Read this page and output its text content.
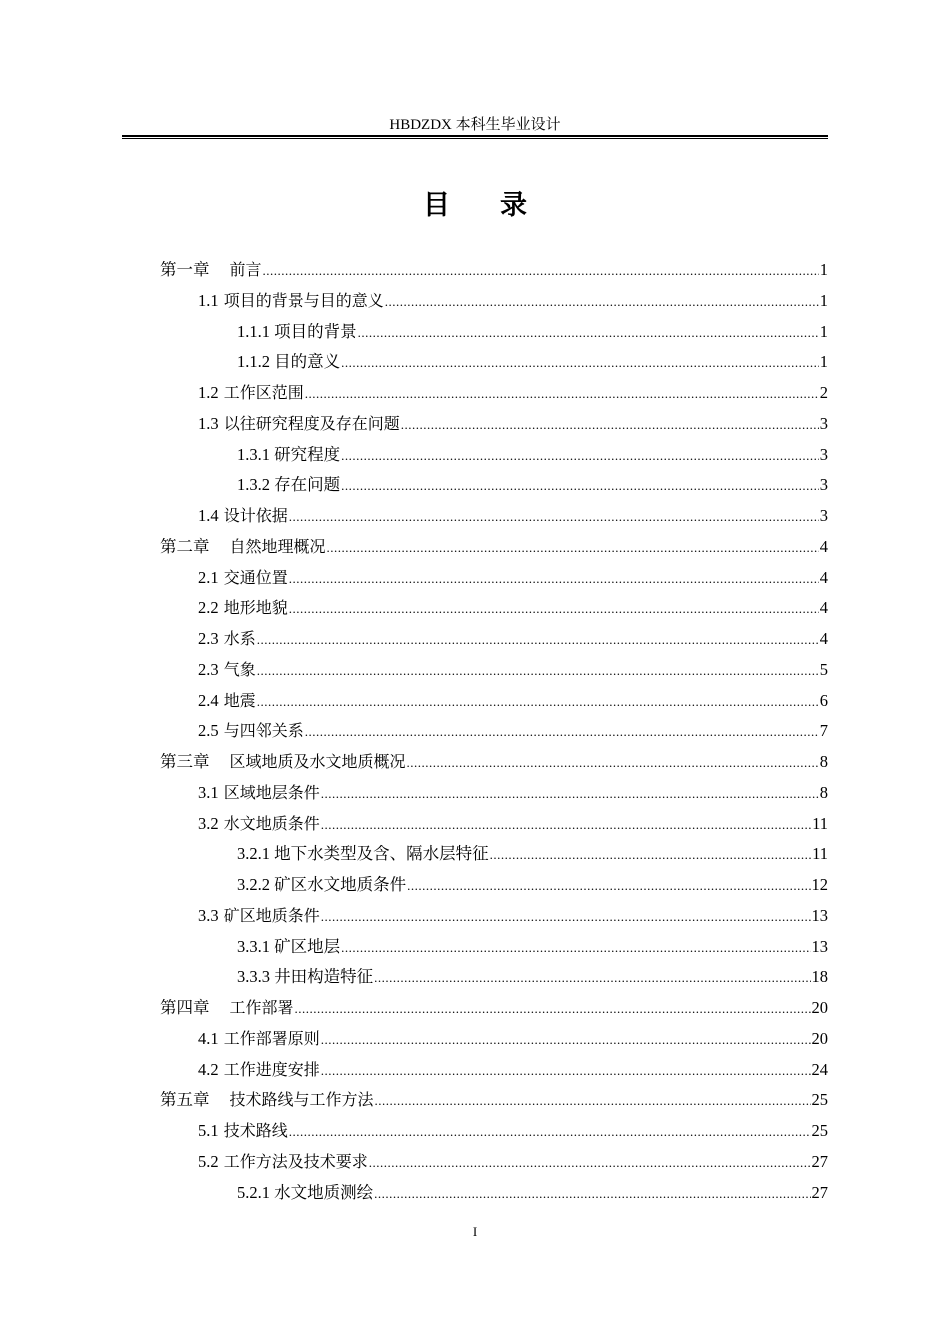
HBDZDX 本科生毕业设计
目录
第一章 前言 .....	1
1.1 项目的背景与目的意义 .....	1
1.1.1 项目的背景 .....	1
1.1.2 目的意义 .....	1
1.2 工作区范围 .....	2
1.3 以往研究程度及存在问题 .....	3
1.3.1 研究程度 .....	3
1.3.2 存在问题 .....	3
1.4 设计依据 .....	3
第二章 自然地理概况 .....	4
2.1 交通位置 .....	4
2.2 地形地貌 .....	4
2.3 水系 .....	4
2.3 气象 .....	5
2.4 地震 .....	6
2.5 与四邻关系 .....	7
第三章 区域地质及水文地质概况 .....	8
3.1 区域地层条件 .....	8
3.2 水文地质条件 .....	11
3.2.1 地下水类型及含、隔水层特征 .....	11
3.2.2 矿区水文地质条件 .....	12
3.3 矿区地质条件 .....	13
3.3.1 矿区地层 .....	13
3.3.3 井田构造特征 .....	18
第四章 工作部署 .....	20
4.1 工作部署原则 .....	20
4.2 工作进度安排 .....	24
第五章 技术路线与工作方法 .....	25
5.1 技术路线 .....	25
5.2 工作方法及技术要求 .....	27
5.2.1 水文地质测绘 .....	27
I
